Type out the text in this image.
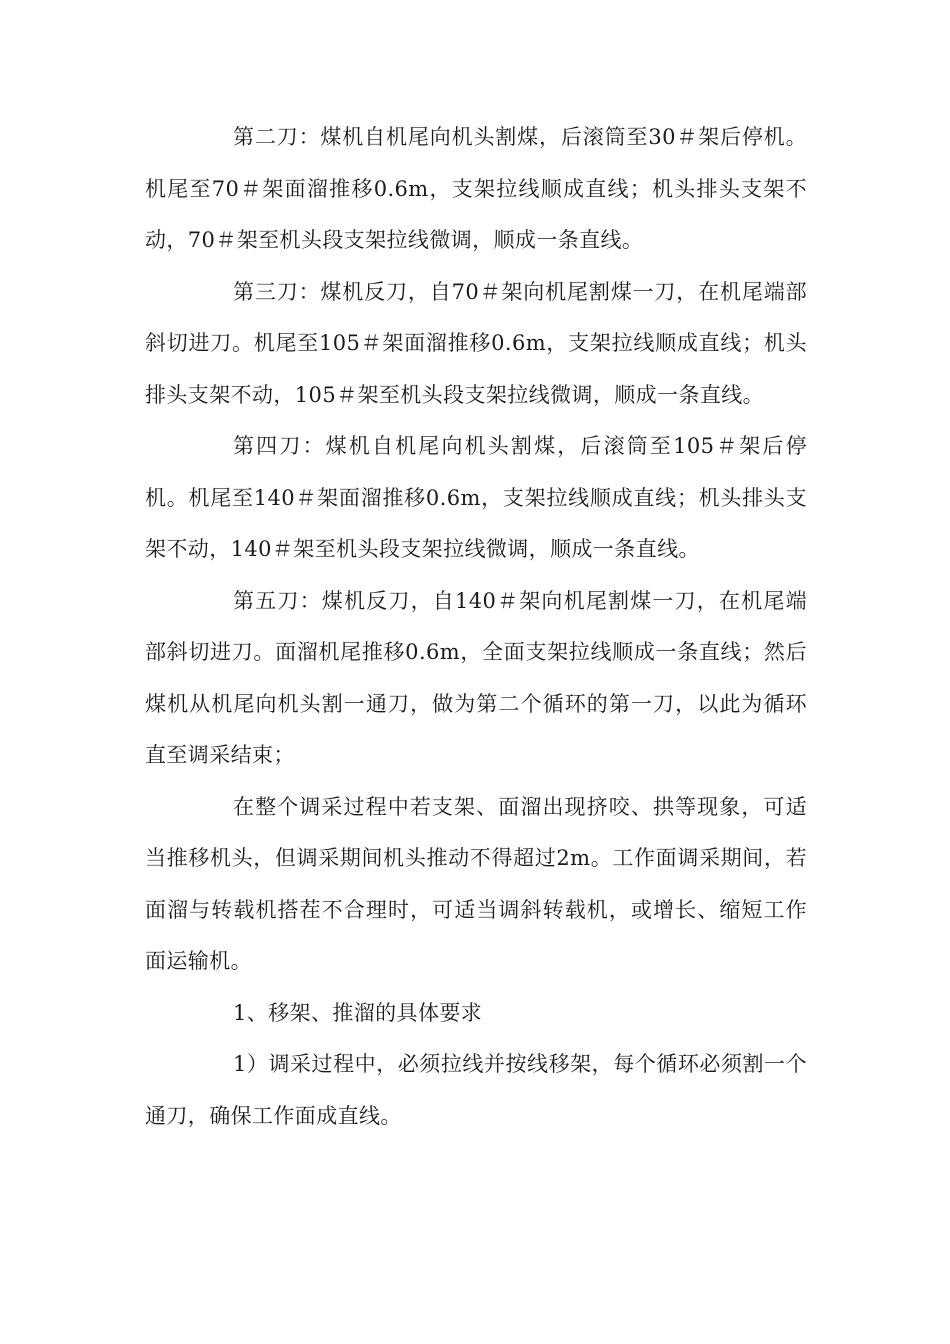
第二刀：煤机自机尾向机头割煤，后滚筒至30＃架后停机。机尾至70＃架面溜推移0.6m，支架拉线顺成直线；机头排头支架不动，70＃架至机头段支架拉线微调，顺成一条直线。

第三刀：煤机反刀，自70＃架向机尾割煤一刀，在机尾端部斜切进刀。机尾至105＃架面溜推移0.6m，支架拉线顺成直线；机头排头支架不动，105＃架至机头段支架拉线微调，顺成一条直线。

第四刀：煤机自机尾向机头割煤，后滚筒至105＃架后停机。机尾至140＃架面溜推移0.6m，支架拉线顺成直线；机头排头支架不动，140＃架至机头段支架拉线微调，顺成一条直线。

第五刀：煤机反刀，自140＃架向机尾割煤一刀，在机尾端部斜切进刀。面溜机尾推移0.6m，全面支架拉线顺成一条直线；然后煤机从机尾向机头割一通刀，做为第二个循环的第一刀，以此为循环直至调采结束；

在整个调采过程中若支架、面溜出现挤咬、拱等现象，可适当推移机头，但调采期间机头推动不得超过2m。工作面调采期间，若面溜与转载机搭茬不合理时，可适当调斜转载机，或增长、缩短工作面运输机。

1、移架、推溜的具体要求

1）调采过程中，必须拉线并按线移架，每个循环必须割一个通刀，确保工作面成直线。
